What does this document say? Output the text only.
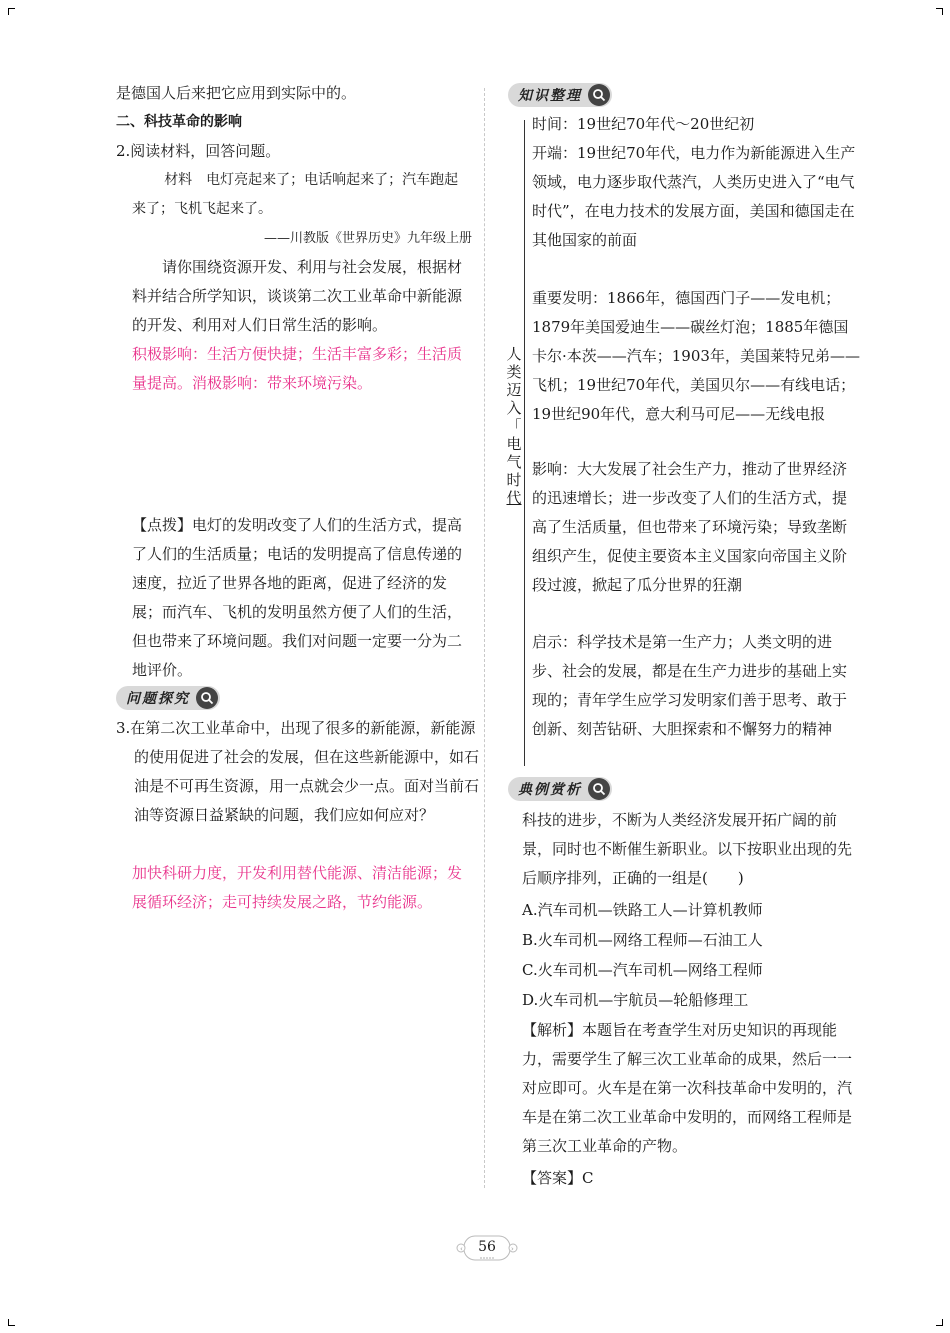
是德国人后来把它应用到实际中的。
二、科技革命的影响
2.阅读材料，回答问题。
材料　电灯亮起来了；电话响起来了；汽车跑起来了；飞机飞起来了。
——川教版《世界历史》九年级上册
请你围绕资源开发、利用与社会发展，根据材料并结合所学知识，谈谈第二次工业革命中新能源的开发、利用对人们日常生活的影响。
积极影响：生活方便快捷；生活丰富多彩；生活质量提高。消极影响：带来环境污染。
【点拨】电灯的发明改变了人们的生活方式，提高了人们的生活质量；电话的发明提高了信息传递的速度，拉近了世界各地的距离，促进了经济的发展；而汽车、飞机的发明虽然方便了人们的生活，但也带来了环境问题。我们对问题一定要一分为二地评价。
问题探究
3.在第二次工业革命中，出现了很多的新能源，新能源的使用促进了社会的发展，但在这些新能源中，如石油是不可再生资源，用一点就会少一点。面对当前石油等资源日益紧缺的问题，我们应如何应对？
加快科研力度，开发利用替代能源、清洁能源；发展循环经济；走可持续发展之路，节约能源。
知识整理
人
类
迈
入
「
电
气
时
代
时间：19世纪70年代～20世纪初
开端：19世纪70年代，电力作为新能源进入生产领域，电力逐步取代蒸汽，人类历史进入了“电气时代”，在电力技术的发展方面，美国和德国走在其他国家的前面
重要发明：1866年，德国西门子——发电机；1879年美国爱迪生——碳丝灯泡；1885年德国卡尔·本茨——汽车；1903年，美国莱特兄弟——飞机；19世纪70年代，美国贝尔——有线电话；19世纪90年代，意大利马可尼——无线电报
影响：大大发展了社会生产力，推动了世界经济的迅速增长；进一步改变了人们的生活方式，提高了生活质量，但也带来了环境污染；导致垄断组织产生，促使主要资本主义国家向帝国主义阶段过渡，掀起了瓜分世界的狂潮
启示：科学技术是第一生产力；人类文明的进步、社会的发展，都是在生产力进步的基础上实现的；青年学生应学习发明家们善于思考、敢于创新、刻苦钻研、大胆探索和不懈努力的精神
典例赏析
科技的进步，不断为人类经济发展开拓广阔的前景，同时也不断催生新职业。以下按职业出现的先后顺序排列，正确的一组是(　　)
A.汽车司机—铁路工人—计算机教师
B.火车司机—网络工程师—石油工人
C.火车司机—汽车司机—网络工程师
D.火车司机—宇航员—轮船修理工
【解析】本题旨在考查学生对历史知识的再现能力，需要学生了解三次工业革命的成果，然后一一对应即可。火车是在第一次科技革命中发明的，汽车是在第二次工业革命中发明的，而网络工程师是第三次工业革命的产物。
【答案】C
‹	›
56
